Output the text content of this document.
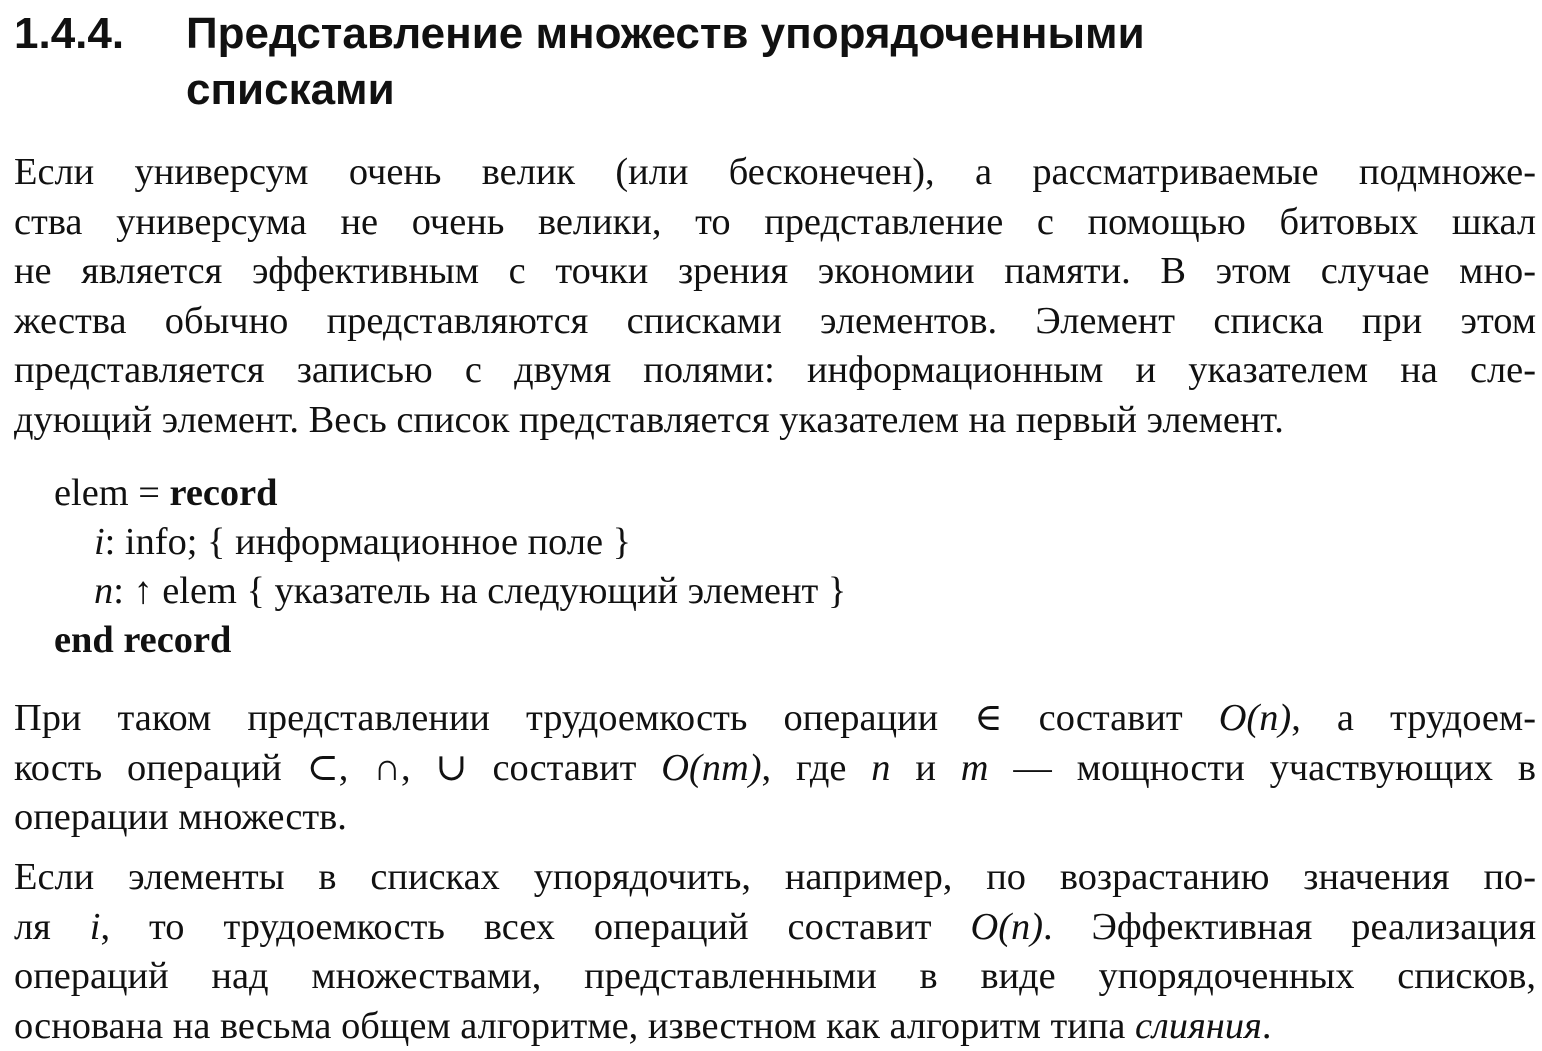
1.4.4. Представление множеств упорядоченными
списками
Если универсум очень велик (или бесконечен), а рассматриваемые подмноже-
ства универсума не очень велики, то представление с помощью битовых шкал
не является эффективным с точки зрения экономии памяти. В этом случае мно-
жества обычно представляются списками элементов. Элемент списка при этом
представляется записью с двумя полями: информационным и указателем на сле-
дующий элемент. Весь список представляется указателем на первый элемент.
elem = record
i: info; { информационное поле }
n: ↑ elem { указатель на следующий элемент }
end record
При таком представлении трудоемкость операции ∈ составит O(n), а трудоем-
кость операций ⊂, ∩, ∪ составит O(nm), где n и m — мощности участвующих в
операции множеств.
Если элементы в списках упорядочить, например, по возрастанию значения по-
ля i, то трудоемкость всех операций составит O(n). Эффективная реализация
операций над множествами, представленными в виде упорядоченных списков,
основана на весьма общем алгоритме, известном как алгоритм типа слияния.
